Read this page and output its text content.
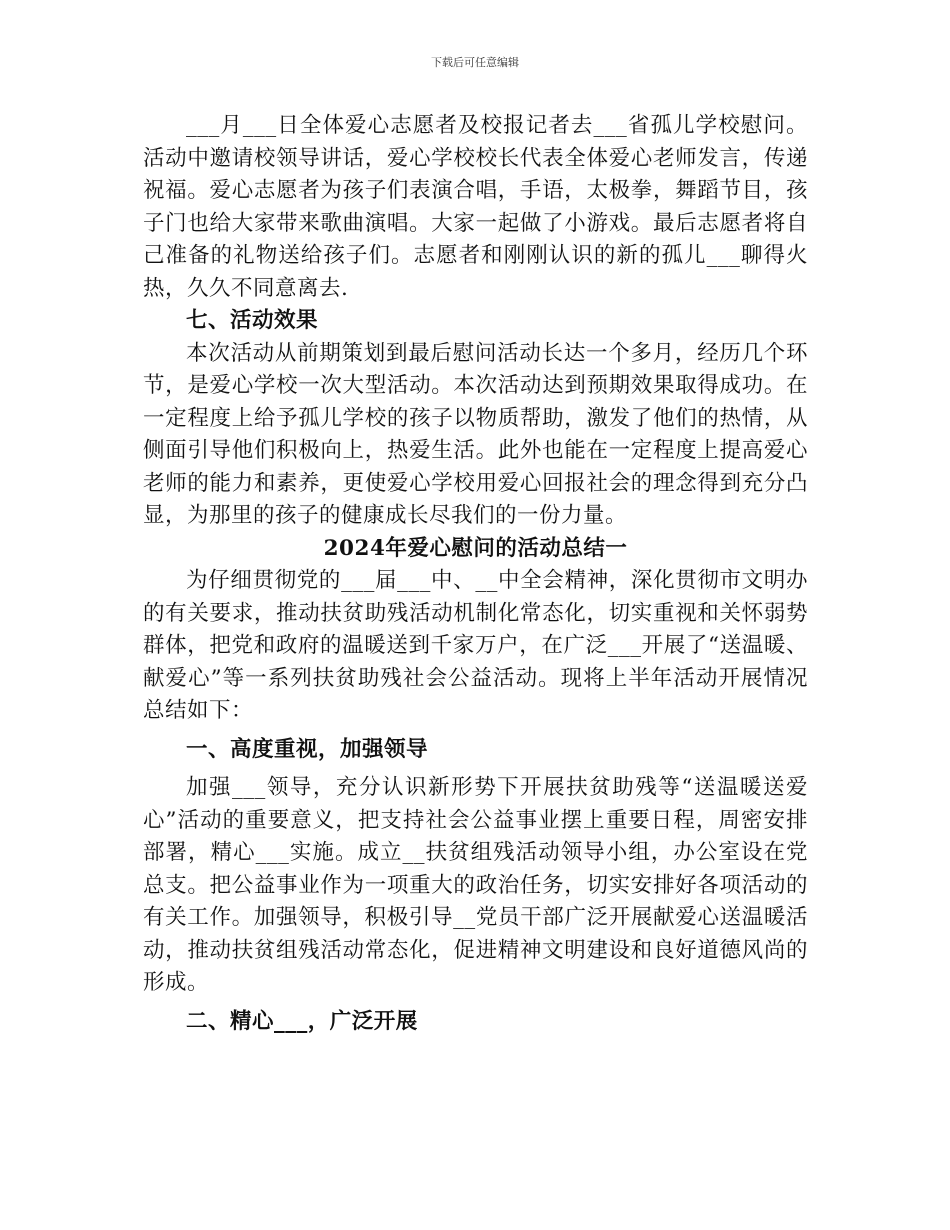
下载后可任意编辑

___月___日全体爱心志愿者及校报记者去___省孤儿学校慰问。活动中邀请校领导讲话，爱心学校校长代表全体爱心老师发言，传递祝福。爱心志愿者为孩子们表演合唱，手语，太极拳，舞蹈节目，孩子门也给大家带来歌曲演唱。大家一起做了小游戏。最后志愿者将自己准备的礼物送给孩子们。志愿者和刚刚认识的新的孤儿___聊得火热，久久不同意离去.

七、活动效果

本次活动从前期策划到最后慰问活动长达一个多月，经历几个环节，是爱心学校一次大型活动。本次活动达到预期效果取得成功。在一定程度上给予孤儿学校的孩子以物质帮助，激发了他们的热情，从侧面引导他们积极向上，热爱生活。此外也能在一定程度上提高爱心老师的能力和素养，更使爱心学校用爱心回报社会的理念得到充分凸显，为那里的孩子的健康成长尽我们的一份力量。

2024年爱心慰问的活动总结一

为仔细贯彻党的___届___中、__中全会精神，深化贯彻市文明办的有关要求，推动扶贫助残活动机制化常态化，切实重视和关怀弱势群体，把党和政府的温暖送到千家万户，在广泛___开展了“送温暖、献爱心”等一系列扶贫助残社会公益活动。现将上半年活动开展情况总结如下：

一、高度重视，加强领导

加强___领导，充分认识新形势下开展扶贫助残等“送温暖送爱心”活动的重要意义，把支持社会公益事业摆上重要日程，周密安排部署，精心___实施。成立__扶贫组残活动领导小组，办公室设在党总支。把公益事业作为一项重大的政治任务，切实安排好各项活动的有关工作。加强领导，积极引导__党员干部广泛开展献爱心送温暖活动，推动扶贫组残活动常态化，促进精神文明建设和良好道德风尚的形成。

二、精心___，广泛开展
